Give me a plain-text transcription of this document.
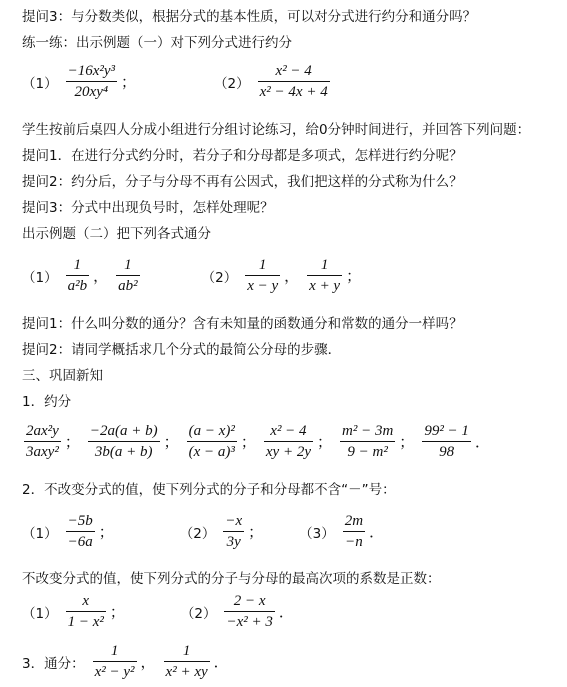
提问3：与分数类似，根据分式的基本性质，可以对分式进行约分和通分吗？
练一练：出示例题（一）对下列分式进行约分
$(1) \frac{\text{−16x²y³}}{\text{20xy⁴}}$ ；	$(2) \frac{\text{x² − 4}}{\text{x² − 4x + 4}}$
学生按前后桌四人分成小组进行分组讨论练习，给0分钟时间进行，并回答下列问题：
提问1．在进行分式约分时，若分子和分母都是多项式，怎样进行约分呢？
提问2：约分后，分子与分母不再有公因式，我们把这样的分式称为什么？
提问3：分式中出现负号时，怎样处理呢？
出示例题（二）把下列各式通分
$(1) \frac{1}{\text{a²b}}$ ， $\frac{1}{\text{ab²}}$	$(2) \frac{1}{x - y}$ ， $\frac{1}{x + y}$ ；
提问1：什么叫分数的通分？含有未知量的函数通分和常数的通分一样吗？
提问2：请同学概括求几个分式的最简公分母的步骤．
三、巩固新知
1．约分
$\frac{\text{2ax²y}}{\text{3axy²}}$ ； $\frac{-2a(a + b)}{3b(a + b)}$ ； $\frac{\text{(a − x)²}}{\text{(x − a)³}}$ ； $\frac{\text{x² − 4}}{xy + 2y}$ ； $\frac{\text{m² − 3m}}{\text{9 − m²}}$ ； $\frac{\text{99² − 1}}{98}$ ．
2．不改变分式的值，使下列分式的分子和分母都不含“－”号：
$(1) \frac{-5b}{-6a}$ ；	$(2) \frac{-x}{3y}$ ；	$(3) \frac{2m}{-n}$ ．
不改变分式的值，使下列分式的分子与分母的最高次项的系数是正数：
$(1) \frac{x}{\text{1 − x²}}$ ；	$(2) \frac{2 - x}{\text{−x² + 3}}$ ．
3．通分： $\frac{1}{\text{x² − y²}}$ ， $\frac{1}{\text{x² + xy}}$ ．
